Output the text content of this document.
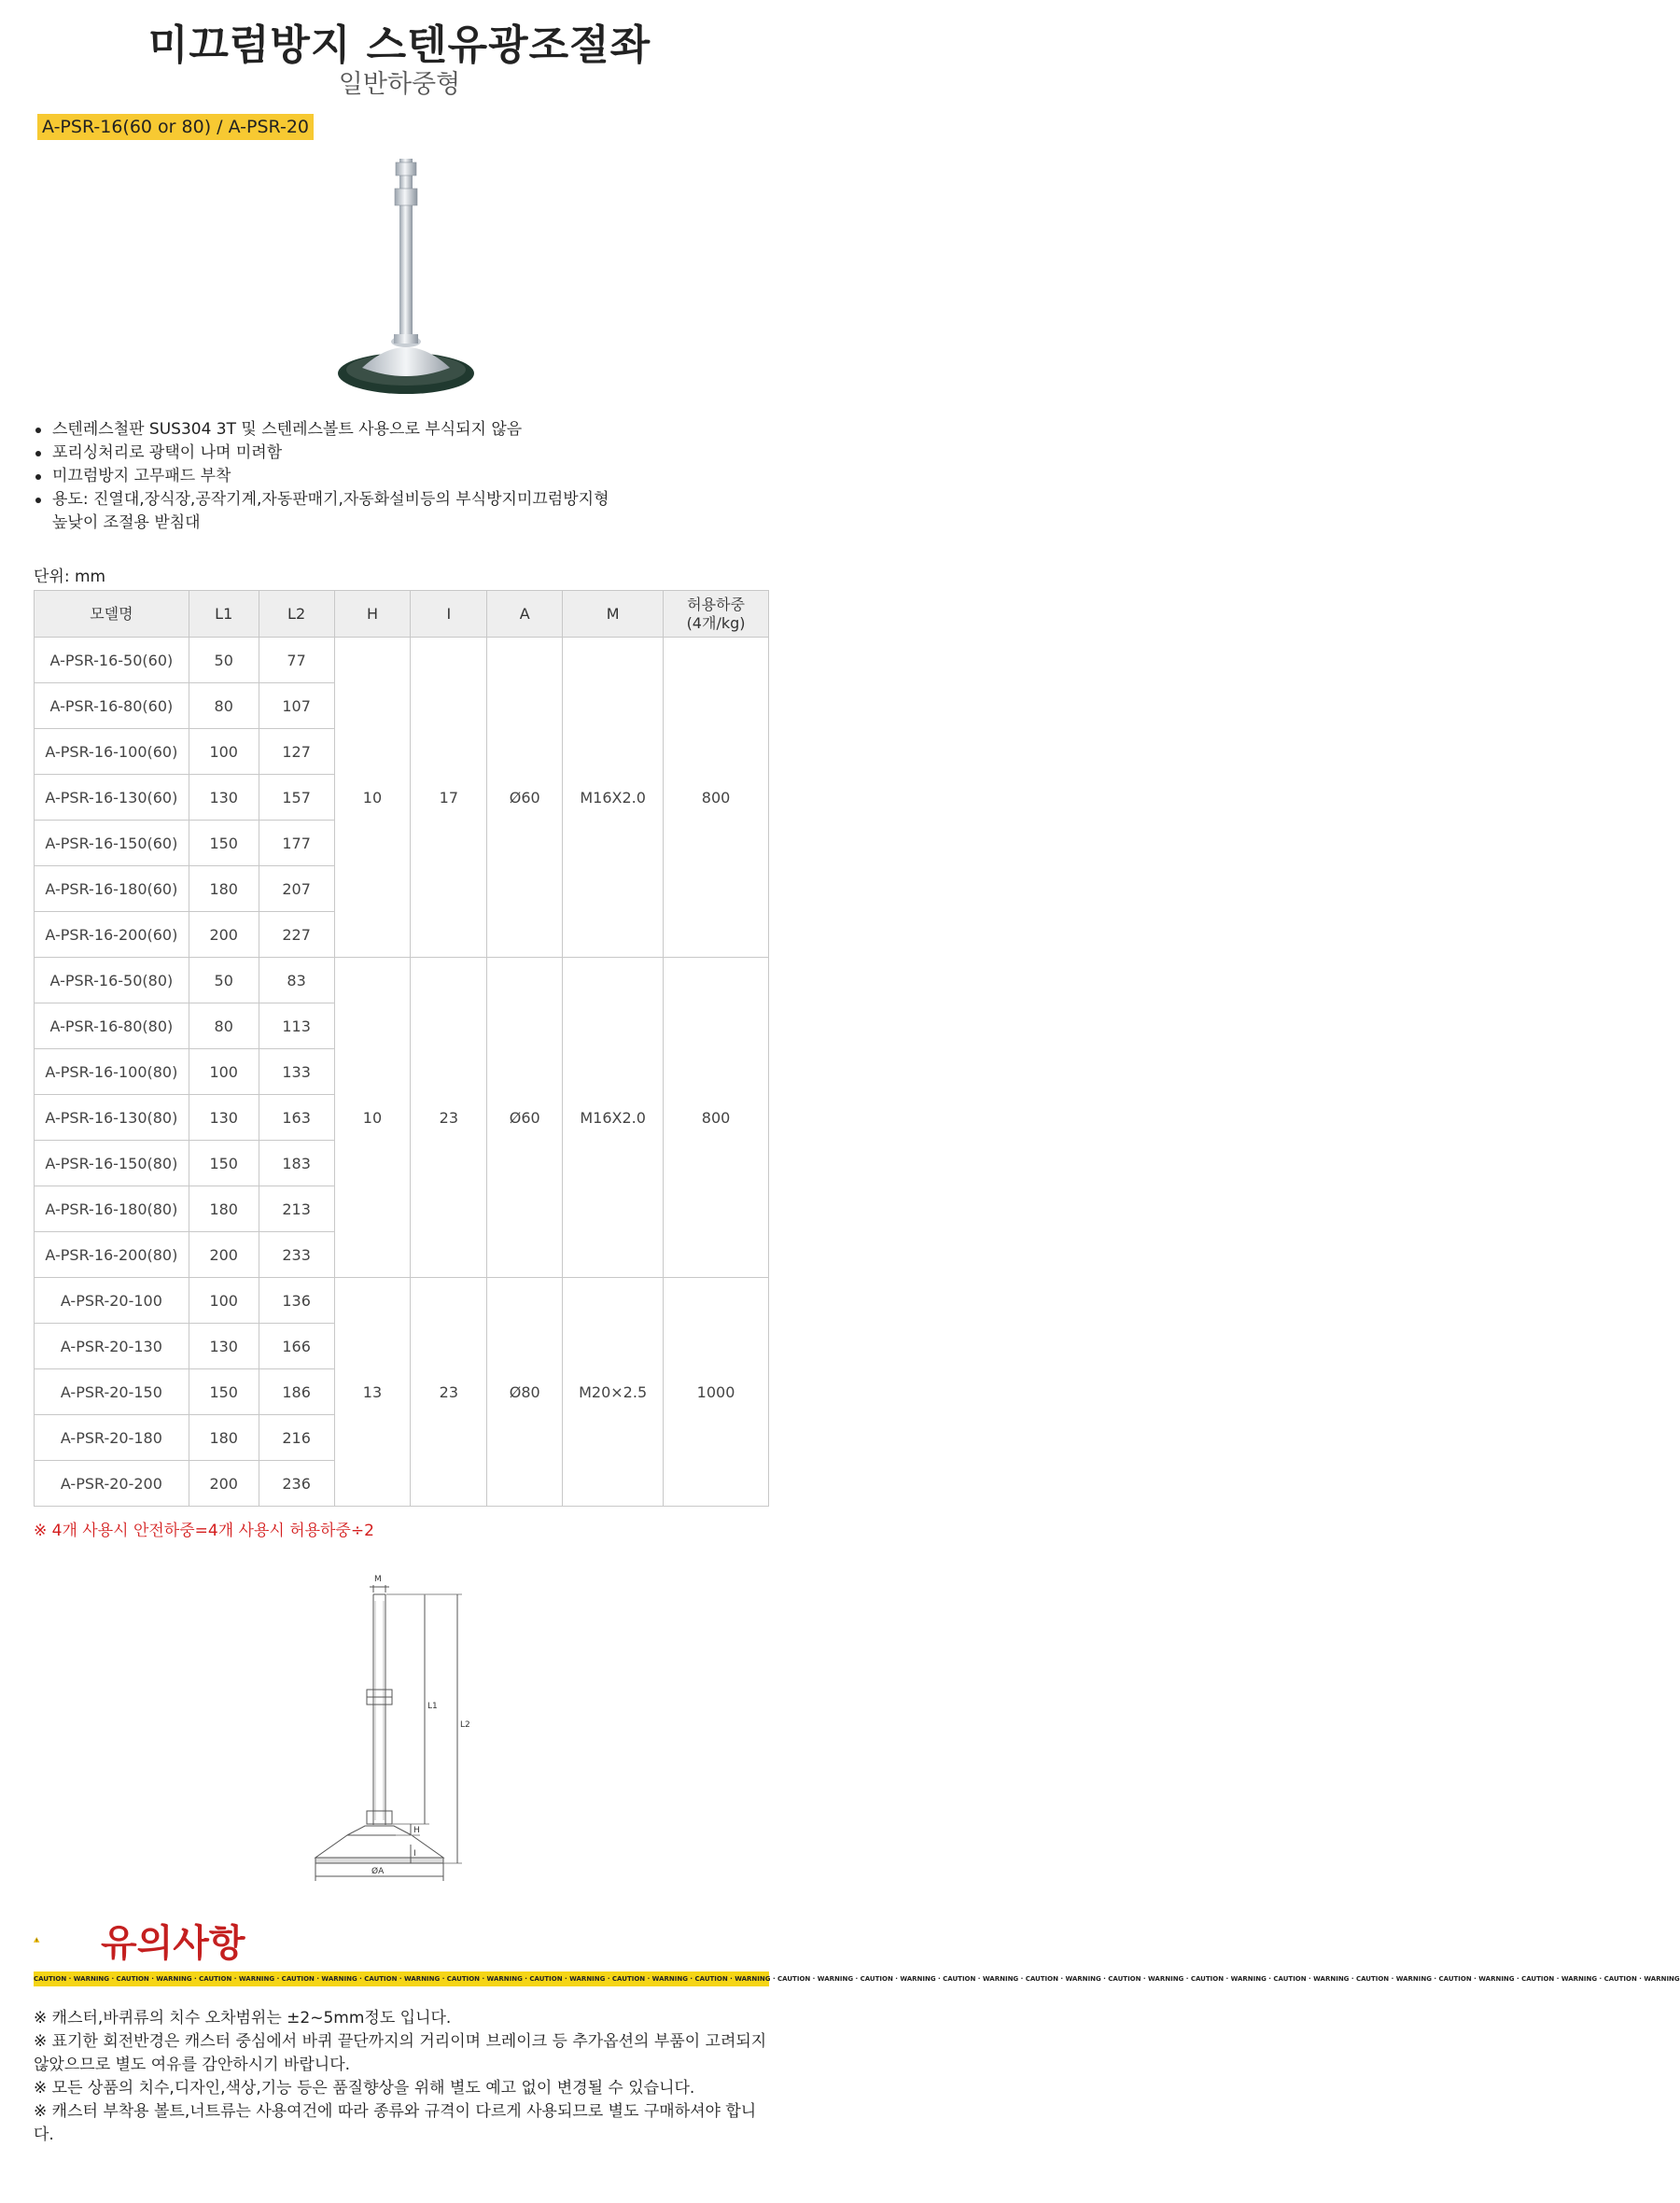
미끄럼방지 스텐유광조절좌
일반하중형
A-PSR-16(60 or 80) / A-PSR-20
스텐레스철판 SUS304 3T 및 스텐레스볼트 사용으로 부식되지 않음
포리싱처리로 광택이 나며 미려함
미끄럼방지 고무패드 부착
용도: 진열대,장식장,공작기계,자동판매기,자동화설비등의 부식방지미끄럼방지형
높낮이 조절용 받침대
단위: mm
모델명	L1	L2	H	I	A	M	허용하중
(4개/kg)
A-PSR-16-50(60)	50	77	10	17	Ø60	M16X2.0	800
A-PSR-16-80(60)	80	107					
A-PSR-16-100(60)	100	127					
A-PSR-16-130(60)	130	157					
A-PSR-16-150(60)	150	177					
A-PSR-16-180(60)	180	207					
A-PSR-16-200(60)	200	227					
A-PSR-16-50(80)	50	83	10	23	Ø60	M16X2.0	800
A-PSR-16-80(80)	80	113					
A-PSR-16-100(80)	100	133					
A-PSR-16-130(80)	130	163					
A-PSR-16-150(80)	150	183					
A-PSR-16-180(80)	180	213					
A-PSR-16-200(80)	200	233					
A-PSR-20-100	100	136	13	23	Ø80	M20×2.5	1000
A-PSR-20-130	130	166					
A-PSR-20-150	150	186					
A-PSR-20-180	180	216					
A-PSR-20-200	200	236					
※ 4개 사용시 안전하중=4개 사용시 허용하중÷2
M
L1
L2
H
I
ØA
유의사항
CAUTION · WARNING · CAUTION · WARNING · CAUTION · WARNING · CAUTION · WARNING · CAUTION · WARNING · CAUTION · WARNING · CAUTION · WARNING · CAUTION · WARNING · CAUTION · WARNING · CAUTION · WARNING · CAUTION · WARNING · CAUTION · WARNING · CAUTION · WARNING · CAUTION · WARNING · CAUTION · WARNING · CAUTION · WARNING · CAUTION · WARNING · CAUTION · WARNING · CAUTION · WARNING · CAUTION · WARNING
※ 캐스터,바퀴류의 치수 오차범위는 ±2~5mm정도 입니다.
※ 표기한 회전반경은 캐스터 중심에서 바퀴 끝단까지의 거리이며 브레이크 등 추가옵션의 부품이 고려되지 않았으므로 별도 여유를 감안하시기 바랍니다.
※ 모든 상품의 치수,디자인,색상,기능 등은 품질향상을 위해 별도 예고 없이 변경될 수 있습니다.
※ 캐스터 부착용 볼트,너트류는 사용여건에 따라 종류와 규격이 다르게 사용되므로 별도 구매하셔야 합니다.
